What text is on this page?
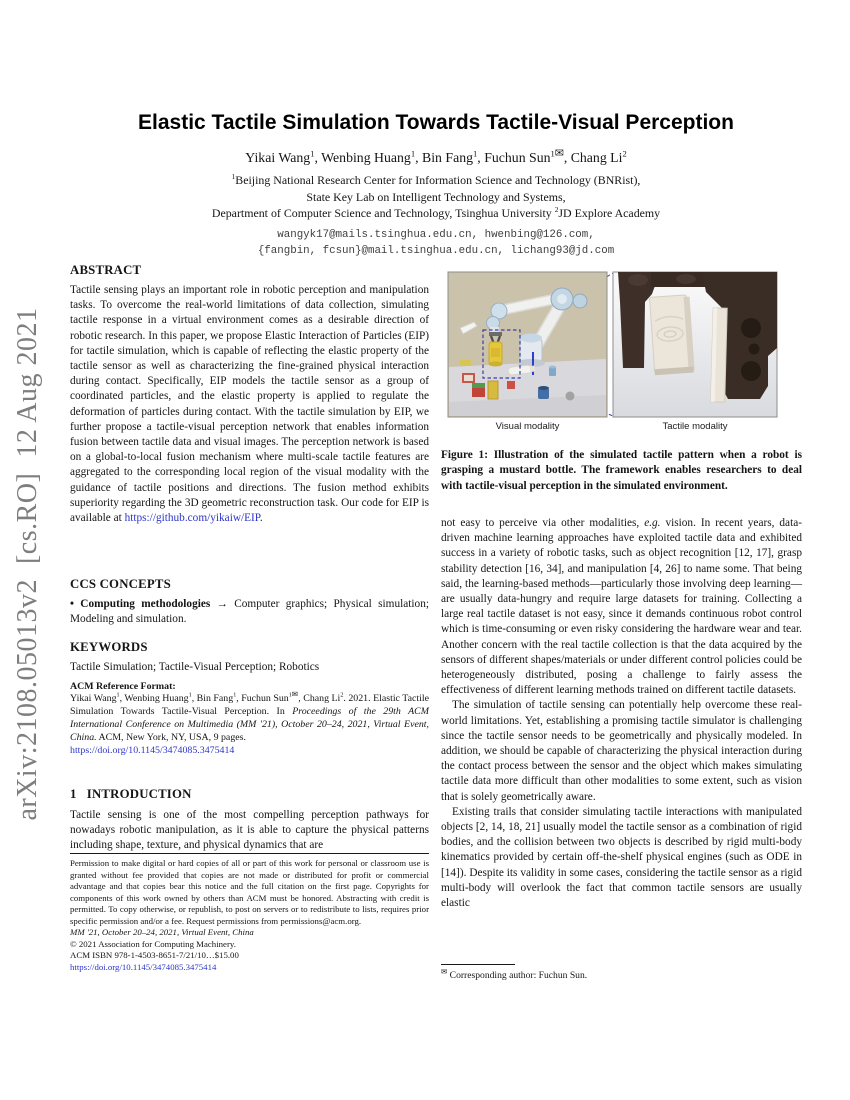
arXiv:2108.05013v2  [cs.RO]  12 Aug 2021
Elastic Tactile Simulation Towards Tactile-Visual Perception
Yikai Wang$^1$, Wenbing Huang$^1$, Bin Fang$^1$, Fuchun Sun$^{1✉}$, Chang Li$^2$
$^1$Beijing National Research Center for Information Science and Technology (BNRist),
State Key Lab on Intelligent Technology and Systems,
Department of Computer Science and Technology, Tsinghua University $^2$JD Explore Academy
wangyk17@mails.tsinghua.edu.cn, hwenbing@126.com,
{fangbin, fcsun}@mail.tsinghua.edu.cn, lichang93@jd.com
ABSTRACT
Tactile sensing plays an important role in robotic perception and manipulation tasks. To overcome the real-world limitations of data collection, simulating tactile response in a virtual environment comes as a desirable direction of robotic research. In this paper, we propose Elastic Interaction of Particles (EIP) for tactile simulation, which is capable of reflecting the elastic property of the tactile sensor as well as characterizing the fine-grained physical interaction during contact. Specifically, EIP models the tactile sensor as a group of coordinated particles, and the elastic property is applied to regulate the deformation of particles during contact. With the tactile simulation by EIP, we further propose a tactile-visual perception network that enables information fusion between tactile data and visual images. The perception network is based on a global-to-local fusion mechanism where multi-scale tactile features are aggregated to the corresponding local region of the visual modality with the guidance of tactile positions and directions. The fusion method exhibits superiority regarding the 3D geometric reconstruction task. Our code for EIP is available at https://github.com/yikaiw/EIP.
CCS CONCEPTS
• Computing methodologies → Computer graphics; Physical simulation; Modeling and simulation.
KEYWORDS
Tactile Simulation; Tactile-Visual Perception; Robotics
ACM Reference Format:
Yikai Wang$^1$, Wenbing Huang$^1$, Bin Fang$^1$, Fuchun Sun$^{1✉}$, Chang Li$^2$. 2021. Elastic Tactile Simulation Towards Tactile-Visual Perception. In Proceedings of the 29th ACM International Conference on Multimedia (MM '21), October 20–24, 2021, Virtual Event, China. ACM, New York, NY, USA, 9 pages.
https://doi.org/10.1145/3474085.3475414
1   INTRODUCTION
Tactile sensing is one of the most compelling perception pathways for nowadays robotic manipulation, as it is able to capture the physical patterns including shape, texture, and physical dynamics that are
Permission to make digital or hard copies of all or part of this work for personal or classroom use is granted without fee provided that copies are not made or distributed for profit or commercial advantage and that copies bear this notice and the full citation on the first page. Copyrights for components of this work owned by others than ACM must be honored. Abstracting with credit is permitted. To copy otherwise, or republish, to post on servers or to redistribute to lists, requires prior specific permission and/or a fee. Request permissions from permissions@acm.org.
MM '21, October 20–24, 2021, Virtual Event, China
© 2021 Association for Computing Machinery.
ACM ISBN 978-1-4503-8651-7/21/10…$15.00
https://doi.org/10.1145/3474085.3475414
Visual modality	Tactile modality
Figure 1: Illustration of the simulated tactile pattern when a robot is grasping a mustard bottle. The framework enables researchers to deal with tactile-visual perception in the simulated environment.

not easy to perceive via other modalities, e.g. vision. In recent years, data-driven machine learning approaches have exploited tactile data and exhibited success in a variety of robotic tasks, such as object recognition [12, 17], grasp stability detection [16, 34], and manipulation [4, 26] to name some. That being said, the learning-based methods—particularly those involving deep learning—are usually data-hungry and require large datasets for training. Collecting a large real tactile dataset is not easy, since it demands continuous robot control which is time-consuming or even risky considering the hardware wear and tear. Another concern with the real tactile collection is that the data acquired by the sensors of different shapes/materials or under different control policies could be heterogeneously distributed, posing a challenge to fairly assess the effectiveness of different learning methods trained on different tactile datasets.

The simulation of tactile sensing can potentially help overcome these real-world limitations. Yet, establishing a promising tactile simulator is challenging since the tactile sensor needs to be geometrically and physically modeled. In addition, we should be capable of characterizing the physical interaction during the contact process between the sensor and the object which makes simulating tactile data more difficult than other modalities to some extent, such as vision that is solely geometrically aware.

Existing trails that consider simulating tactile interactions with manipulated objects [2, 14, 18, 21] usually model the tactile sensor as a combination of rigid bodies, and the collision between two objects is described by rigid multi-body kinematics provided by certain off-the-shelf physical engines (such as ODE in [14]). Despite its validity in some cases, considering the tactile sensor as a rigid multi-body will overlook the fact that common tactile sensors are usually elastic

✉ Corresponding author: Fuchun Sun.
